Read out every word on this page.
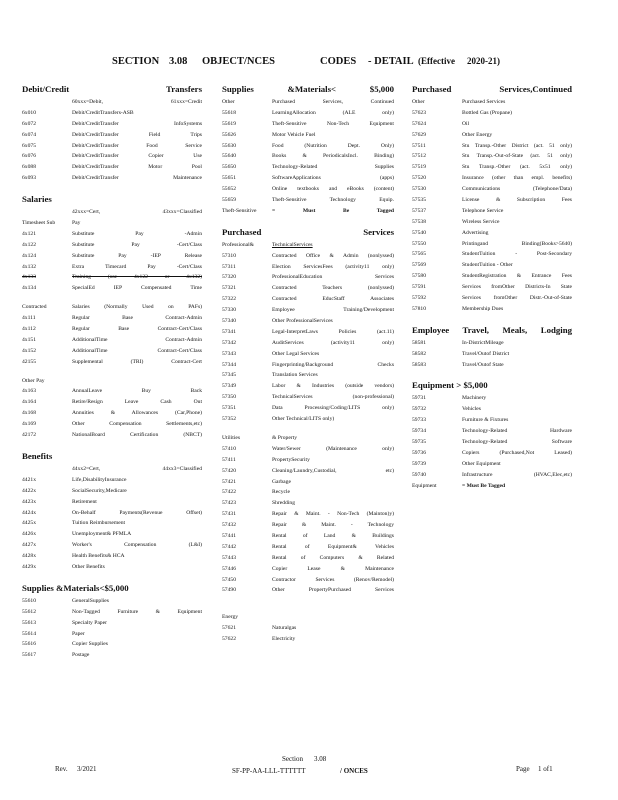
SECTION 3.08 OBJECT/NCES	CODES - DETAIL (Effective 2020-21)
Debit/Credit Transfers
60xxx=Debit, 61xxx=Credit
6x010	Debit/CreditTransfers-ASB
6x072	Debit/CreditTransfer InfoSystems
6x074	Debit/CreditTransfer Field Trips
6x075	Debit/CreditTransfer Food Service
6x076	Debit/CreditTransfer Copier Use
6x088	Debit/CreditTransfer Motor Pool
6x093	Debit/CreditTransfer Maintenance
Salaries
42xxx=Cert, 43xxx=Classified
Timesheet Sub	Pay
4x121	Substitute Pay -Admin
4x122	Substitute Pay -Cert/Class
4x124	Substitute Pay -IEP Release
4x132	Extra Timecard Pay -Cert/Class
4x133	Training (use 4x122 or 4x132)
4x134	SpecialEd IEP Compensated Time
Contracted	Salaries (Normally Used on PAFs)
4x111	Regular Base Contract-Admin
4x112	Regular Base Contract-Cert/Class
4x151	AdditionalTime Contract-Admin
4x152	AdditionalTime Contract-Cert/Class
42155	Supplemental (TRI) Contract-Cert
Other Pay
4x163	AnnualLeave Buy Back
4x164	Retire/Resign Leave Cash Out
4x168	Annuities & Allowances (Car,Phone)
4x169	Other Compensation Settlements,etc)
42172	NationalBoard Certification (NBCT)
Benefits
44xx2=Cert, 44xx3=Classified
4421x	Life,DisabilityInsurance
4422x	SocialSecurity,Medicare
4423x	Retirement
4424x	On-Behalf Payments(Revenue Offset)
4425x	Tuition Reimbursement
4426x	Unemployment& PFMLA
4427x	Worker's Compensation (L&I)
4428x	Health Benefits& HCA
4429x	Other Benefits
Supplies &Materials<$5,000
55610	GeneralSupplies
55612	Non-Tagged Furniture & Equipment
55613	Specialty Paper
55614	Paper
55616	Copier Supplies
55617	Postage
Supplies &Materials< $5,000
Other	Purchased Services, Continued
55618	LearningAllocation (ALE only)
55619	Theft-Sensitive Non-Tech Equipment
55626	Motor Vehicle Fuel
55630	Food (Nutrition Dept. Only)
55640	Books & PeriodicalsIncl. Binding)
55650	Technology-Related Supplies
55651	SoftwareApplications (apps)
55652	Online textbooks and eBooks (content)
55659	Theft-Sensitive Technology Equip.
Theft-Sensitive	= Must Be Tagged
Purchased Services
Professional&	TechnicalServices
57310	Contracted Office & Admin (nonlyssed)
57311	Election ServicesFees (activity11 only)
57320	ProfessionalEducation Services
57321	Contracted Teachers (nonlyssed)
57322	Contracted EducStaff Associates
57330	Employee Training/Development
57340	Other ProfessionalServices
57341	Legal-InterpretLaws Policies (act.11)
57342	AuditServices (activity11 only)
57343	Other Legal Services
57344	Fingerprinting/Background Checks
57345	Translation Services
57349	Labor & Industries (outside vendors)
57350	TechnicalServices (non-professional)
57351	Data Processing/Coding/LITS only)
57352	Other Technical/LITS only)
Utilities	& Property
57410	Water/Sewer (Maintenance only)
57411	PropertySecurity
57420	Cleaning/Laundry,Custodial, etc)
57421	Garbage
57422	Recycle
57423	Shredding
57431	Repair & Maint. - Non-Tech (Mainton)y)
57432	Repair & Maint. - Technology
57441	Rental of Land & Buildings
57442	Rental of Equipment& Vehicles
57443	Rental of Computers & Related
57446	Copier Lease & Maintenance
57450	Contractor Services (Renov/Remodel)
57490	Other PropertyPurchased Services
Energy
57621	Naturalgas
57622	Electricity
Purchased Services,Continued
Other	Purchased Services
57623	Bottled Gas (Propane)
57624	Oil
57629	Other Energy
57511	Stu Transp.-Other District (act. 51 only)
57512	Stu Transp.-Out-of-State (act. 51 only)
57519	Stu Transp.-Other (act. 5x51 only)
57520	Insurance (other than empl. benefits)
57530	Communications (Telephone/Data)
57535	License & Subscription Fees
57537	Telephone Service
57538	Wireless Service
57540	Advertising
57550	Printingand Binding(Books>5640)
57565	StudentTuition - Post-Secondary
57569	StudentTuition - Other
57580	StudentRegistration & Entrance Fees
57591	Services fromOther Districts-In State
57592	Services fromOther Distr.-Out-of-State
57810	Membership Dues
Employee Travel, Meals, Lodging
58581	In-DistrictMileage
58582	Travel/Outof District
58583	Travel/Outof State
Equipment > $5,000
59731	Machinery
59732	Vehicles
59733	Furniture & Fixtures
59734	Technology-Related Hardware
59735	Technology-Related Software
59736	Copiers (Purchased,Not Leased)
59739	Other Equipment
59740	Infrastructure (HVAC,Elec,etc)
Equipment	= Must Be Tagged
Section 3.08
Rev. 3/2021	SF-PP-AA-LLL-TTTTTT	/ ONCES	Page 1 of1
